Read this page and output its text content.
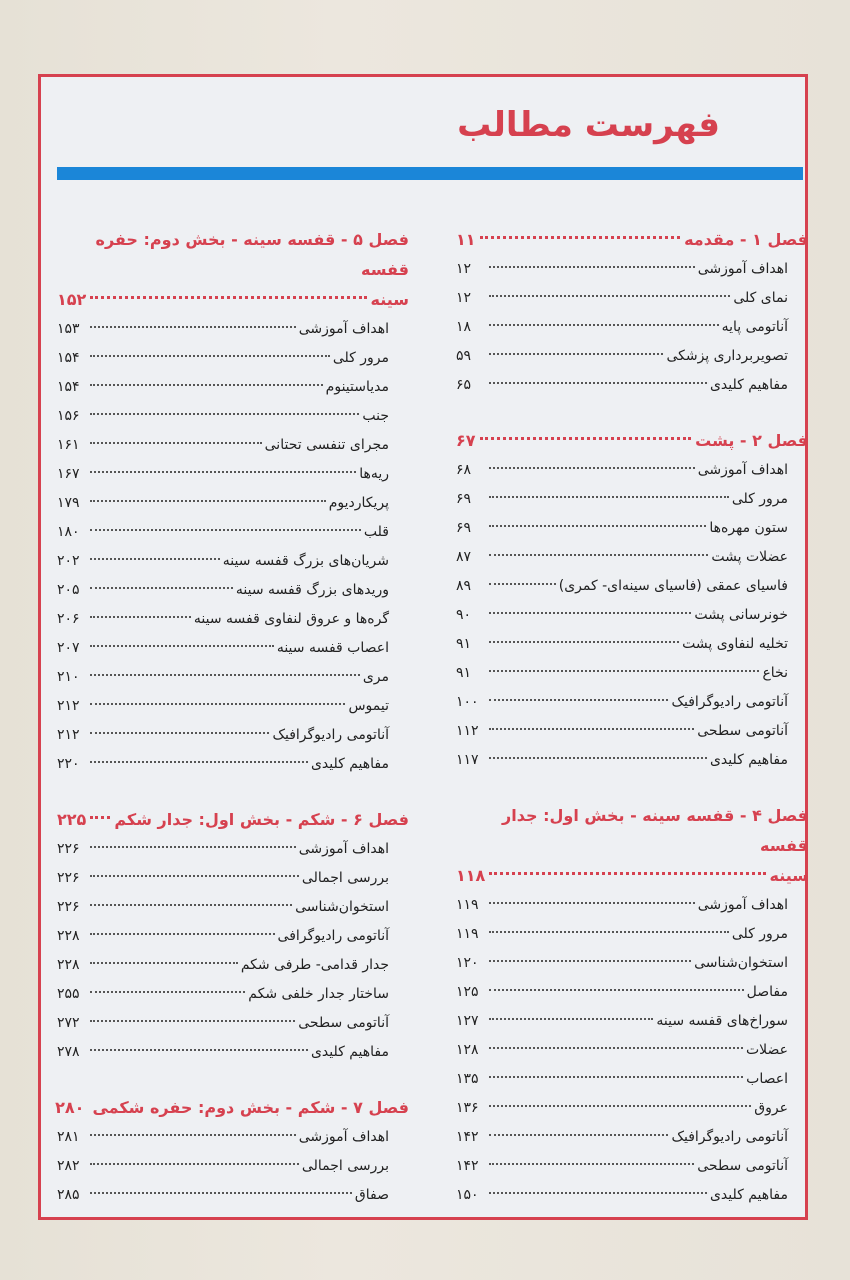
فهرست مطالب
فصل ۱ - مقدمه
۱۱
اهداف آموزشی
۱۲
نمای کلی
۱۲
آناتومی پایه
۱۸
تصویربرداری پزشکی
۵۹
مفاهیم کلیدی
۶۵
فصل ۲ - پشت
۶۷
اهداف آموزشی
۶۸
مرور کلی
۶۹
ستون مهره‌ها
۶۹
عضلات پشت
۸۷
فاسیای عمقی (فاسیای سینه‌ای- کمری)
۸۹
خونرسانی پشت
۹۰
تخلیه لنفاوی پشت
۹۱
نخاع
۹۱
آناتومی رادیوگرافیک
۱۰۰
آناتومی سطحی
۱۱۲
مفاهیم کلیدی
۱۱۷
فصل ۴ - قفسه سینه - بخش اول: جدار قفسه
سینه
۱۱۸
اهداف آموزشی
۱۱۹
مرور کلی
۱۱۹
استخوان‌شناسی
۱۲۰
مفاصل
۱۲۵
سوراخ‌های قفسه سینه
۱۲۷
عضلات
۱۲۸
اعصاب
۱۳۵
عروق
۱۳۶
آناتومی رادیوگرافیک
۱۴۲
آناتومی سطحی
۱۴۲
مفاهیم کلیدی
۱۵۰
فصل ۵ - قفسه سینه - بخش دوم: حفره قفسه
سینه
۱۵۲
اهداف آموزشی
۱۵۳
مرور کلی
۱۵۴
مدیاستینوم
۱۵۴
جنب
۱۵۶
مجرای تنفسی تحتانی
۱۶۱
ریه‌ها
۱۶۷
پریکاردیوم
۱۷۹
قلب
۱۸۰
شریان‌های بزرگ قفسه سینه
۲۰۲
وریدهای بزرگ قفسه سینه
۲۰۵
گره‌ها و عروق لنفاوی قفسه سینه
۲۰۶
اعصاب قفسه سینه
۲۰۷
مری
۲۱۰
تیموس
۲۱۲
آناتومی رادیوگرافیک
۲۱۲
مفاهیم کلیدی
۲۲۰
فصل ۶ - شکم - بخش اول: جدار شکم
۲۲۵
اهداف آموزشی
۲۲۶
بررسی اجمالی
۲۲۶
استخوان‌شناسی
۲۲۶
آناتومی رادیوگرافی
۲۲۸
جدار قدامی- طرفی شکم
۲۲۸
ساختار جدار خلفی شکم
۲۵۵
آناتومی سطحی
۲۷۲
مفاهیم کلیدی
۲۷۸
فصل ۷ - شکم - بخش دوم: حفره شکمی
۲۸۰
اهداف آموزشی
۲۸۱
بررسی اجمالی
۲۸۲
صفاق
۲۸۵
